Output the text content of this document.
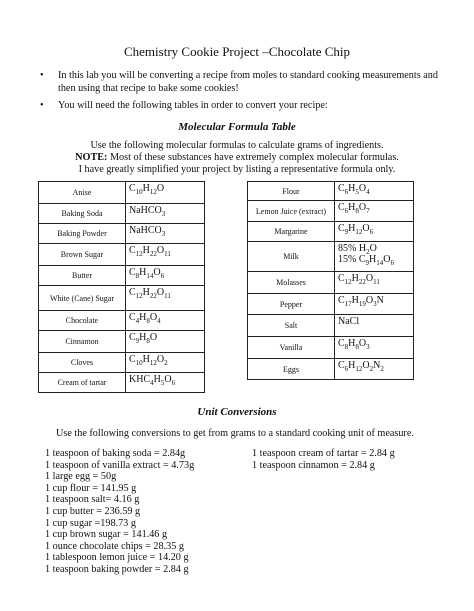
Chemistry Cookie Project –Chocolate Chip
• In this lab you will be converting a recipe from moles to standard cooking measurements and then using that recipe to bake some cookies!
• You will need the following tables in order to convert your recipe:
Molecular Formula Table
Use the following molecular formulas to calculate grams of ingredients.
NOTE: Most of these substances have extremely complex molecular formulas.
I have greatly simplified your project by listing a representative formula only.
Anise	$C_{10}H_{12}O$

Baking Soda	NaHCO$_3$

Baking Powder	NaHCO$_3$

Brown Sugar	$C_{12}H_{22}O_{11}$

Butter	$C_8H_{14}O_6$

White (Cane) Sugar	$C_{12}H_{22}O_{11}$

Chocolate	$C_4H_8O_4$

Cinnamon	$C_9H_8O$

Cloves	$C_{10}H_{12}O_2$

Cream of tartar	$KHC_4H_5O_6$
Flour	$C_6H_5O_4$

Lemon Juice (extract)	$C_6H_8O_7$

Margarine	$C_9H_{12}O_6$

Milk	85% $H_2O$
15% $C_9H_{14}O_6$

Molasses	$C_{12}H_{22}O_{11}$

Pepper	$C_{17}H_{19}O_3N$

Salt	NaCl

Vanilla	$C_8H_8O_3$

Eggs	$C_6H_{12}O_2N_2$
Unit Conversions
Use the following conversions to get from grams to a standard cooking unit of measure.
1 teaspoon of baking soda = 2.84g
1 teaspoon of vanilla extract = 4.73g
1 large egg = 50g
1 cup flour = 141.95 g
1 teaspoon salt= 4.16 g
1 cup butter = 236.59 g
1 cup sugar =198.73 g
1 cup brown sugar = 141.46 g
1 ounce chocolate chips = 28.35 g
1 tablespoon lemon juice = 14.20 g
1 teaspoon baking powder = 2.84 g
1 teaspoon cream of tartar = 2.84 g
1 teaspoon cinnamon = 2.84 g
